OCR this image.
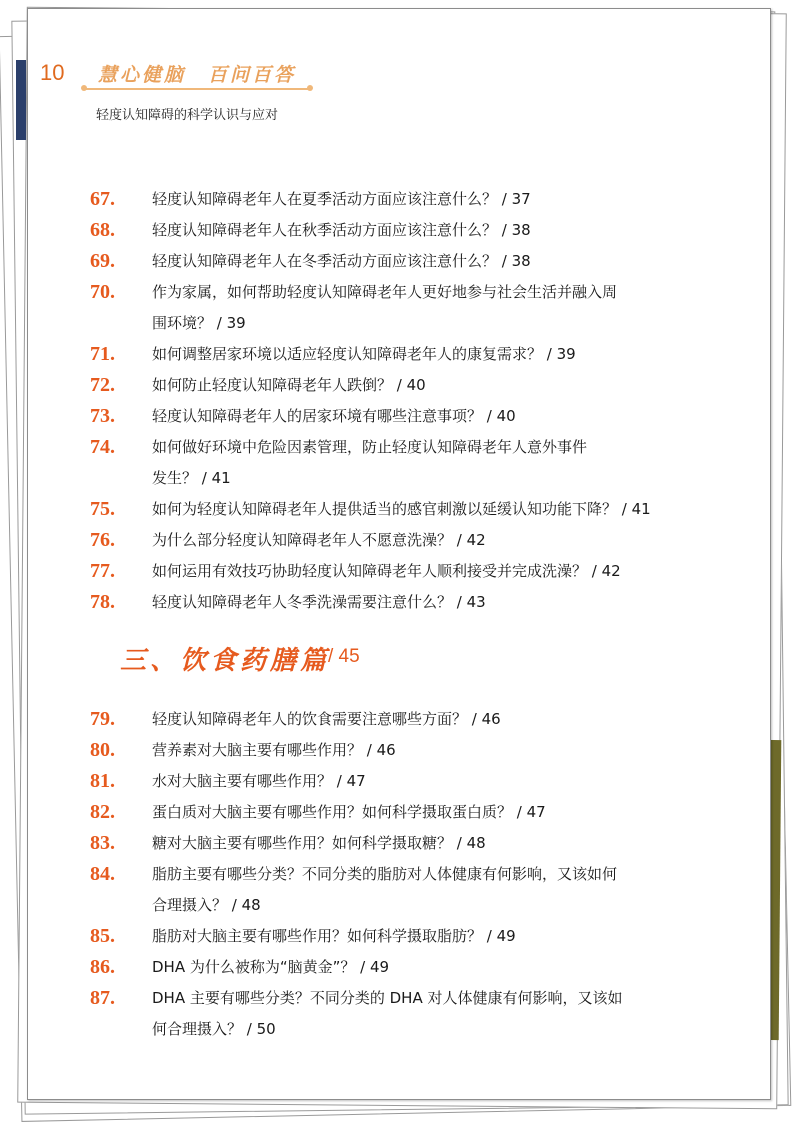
10 慧心健脑　百问百答
轻度认知障碍的科学认识与应对
67.	轻度认知障碍老年人在夏季活动方面应该注意什么？ / 37
68.	轻度认知障碍老年人在秋季活动方面应该注意什么？ / 38
69.	轻度认知障碍老年人在冬季活动方面应该注意什么？ / 38
70.	作为家属，如何帮助轻度认知障碍老年人更好地参与社会生活并融入周
围环境？ / 39
71.	如何调整居家环境以适应轻度认知障碍老年人的康复需求？ / 39
72.	如何防止轻度认知障碍老年人跌倒？ / 40
73.	轻度认知障碍老年人的居家环境有哪些注意事项？ / 40
74.	如何做好环境中危险因素管理，防止轻度认知障碍老年人意外事件
发生？ / 41
75.	如何为轻度认知障碍老年人提供适当的感官刺激以延缓认知功能下降？ / 41
76.	为什么部分轻度认知障碍老年人不愿意洗澡？ / 42
77.	如何运用有效技巧协助轻度认知障碍老年人顺利接受并完成洗澡？ / 42
78.	轻度认知障碍老年人冬季洗澡需要注意什么？ / 43
三、饮食药膳篇
/ 45
79.	轻度认知障碍老年人的饮食需要注意哪些方面？ / 46
80.	营养素对大脑主要有哪些作用？ / 46
81.	水对大脑主要有哪些作用？ / 47
82.	蛋白质对大脑主要有哪些作用？如何科学摄取蛋白质？ / 47
83.	糖对大脑主要有哪些作用？如何科学摄取糖？ / 48
84.	脂肪主要有哪些分类？不同分类的脂肪对人体健康有何影响，又该如何
合理摄入？ / 48
85.	脂肪对大脑主要有哪些作用？如何科学摄取脂肪？ / 49
86.	DHA 为什么被称为“脑黄金”？ / 49
87.	DHA 主要有哪些分类？不同分类的 DHA 对人体健康有何影响，又该如
何合理摄入？ / 50
